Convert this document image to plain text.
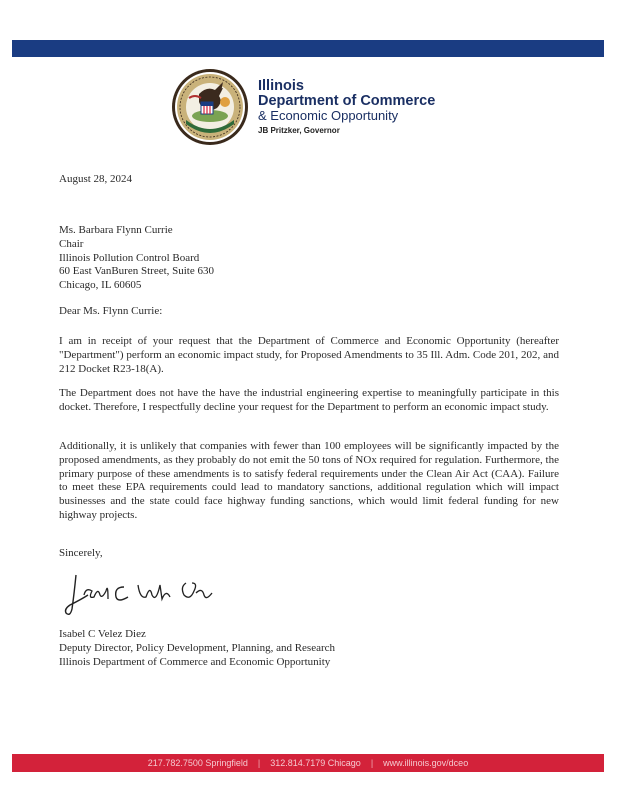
Illinois
Department of Commerce
& Economic Opportunity
JB Pritzker, Governor
August 28, 2024
Ms. Barbara Flynn Currie
Chair
Illinois Pollution Control Board
60 East VanBuren Street, Suite 630
Chicago, IL 60605
Dear Ms. Flynn Currie:
I am in receipt of your request that the Department of Commerce and Economic Opportunity (hereafter "Department") perform an economic impact study, for Proposed Amendments to 35 Ill. Adm. Code 201, 202, and 212 Docket R23-18(A).
The Department does not have the have the industrial engineering expertise to meaningfully participate in this docket. Therefore, I respectfully decline your request for the Department to perform an economic impact study.
Additionally, it is unlikely that companies with fewer than 100 employees will be significantly impacted by the proposed amendments, as they probably do not emit the 50 tons of NOx required for regulation. Furthermore, the primary purpose of these amendments is to satisfy federal requirements under the Clean Air Act (CAA). Failure to meet these EPA requirements could lead to mandatory sanctions, additional regulation which will impact businesses and the state could face highway funding sanctions, which would limit federal funding for new highway projects.
Sincerely,
Isabel C Velez Diez
Deputy Director, Policy Development, Planning, and Research
Illinois Department of Commerce and Economic Opportunity
217.782.7500 Springfield | 312.814.7179 Chicago | www.illinois.gov/dceo
